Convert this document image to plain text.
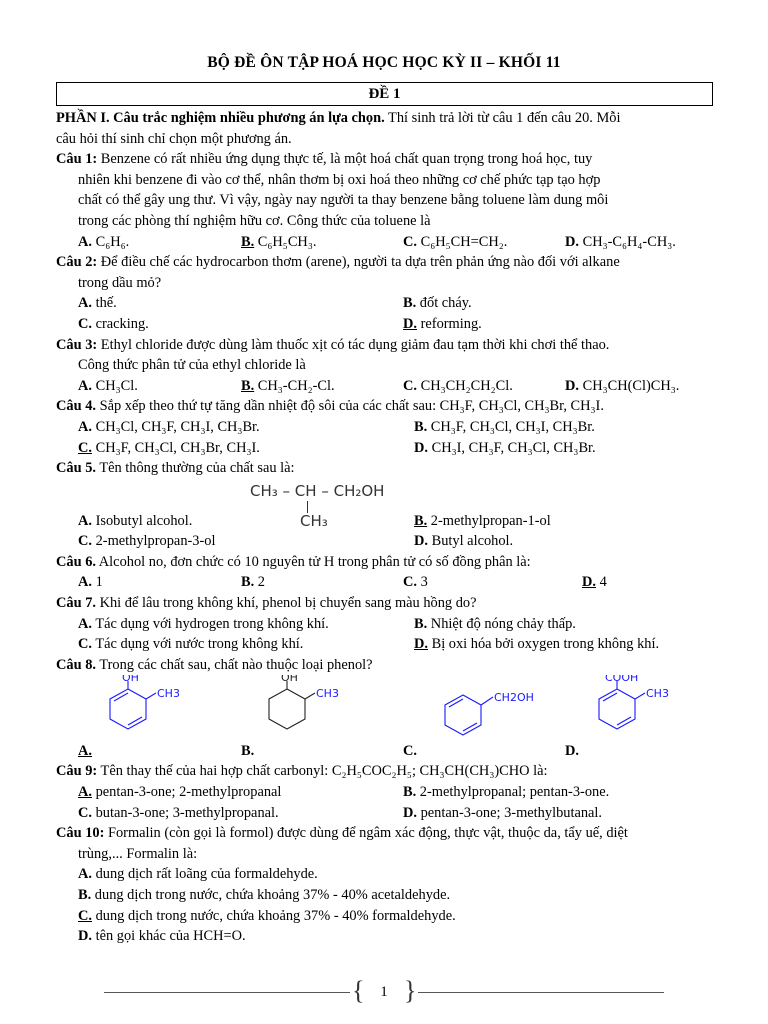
BỘ ĐỀ ÔN TẬP HOÁ HỌC HỌC KỲ II – KHỐI 11
ĐỀ 1

PHẦN I. Câu trắc nghiệm nhiều phương án lựa chọn. Thí sinh trả lời từ câu 1 đến câu 20. Mỗi

câu hỏi thí sinh chỉ chọn một phương án.

Câu 1: Benzene có rất nhiều ứng dụng thực tế, là một hoá chất quan trọng trong hoá học, tuy

nhiên khi benzene đi vào cơ thể, nhân thơm bị oxi hoá theo những cơ chế phức tạp tạo hợp

chất có thể gây ung thư. Vì vậy, ngày nay người ta thay benzene bằng toluene làm dung môi

trong các phòng thí nghiệm hữu cơ. Công thức của toluene là

A. C₆H₆.	B. C₆H₅CH₃.	C. C₆H₅CH=CH₂.	D. CH₃-C₆H₄-CH₃.

Câu 2: Để điều chế các hydrocarbon thơm (arene), người ta dựa trên phản ứng nào đối với alkane

trong dầu mỏ?

A. thế.	B. đốt cháy.
C. cracking.	D. reforming.

Câu 3: Ethyl chloride được dùng làm thuốc xịt có tác dụng giảm đau tạm thời khi chơi thể thao.

Công thức phân tử của ethyl chloride là

A. CH₃Cl.	B. CH₃-CH₂-Cl.	C. CH₃CH₂CH₂Cl.	D. CH₃CH(Cl)CH₃.

Câu 4. Sắp xếp theo thứ tự tăng dần nhiệt độ sôi của các chất sau: CH₃F, CH₃Cl, CH₃Br, CH₃I.

A. CH₃Cl, CH₃F, CH₃I, CH₃Br.	B. CH₃F, CH₃Cl, CH₃I, CH₃Br.
C. CH₃F, CH₃Cl, CH₃Br, CH₃I.	D. CH₃I, CH₃F, CH₃Cl, CH₃Br.

Câu 5. Tên thông thường của chất sau là:

CH₃ – CH – CH₂OH
CH₃
A. Isobutyl alcohol.	B. 2-methylpropan-1-ol
C. 2-methylpropan-3-ol	D. Butyl alcohol.

Câu 6. Alcohol no, đơn chức có 10 nguyên tử H trong phân tử có số đồng phân là:

A. 1	B. 2	C. 3	D. 4

Câu 7. Khi để lâu trong không khí, phenol bị chuyển sang màu hồng do?

A. Tác dụng với hydrogen trong không khí.	B. Nhiệt độ nóng chảy thấp.
C. Tác dụng với nước trong không khí.	D. Bị oxi hóa bởi oxygen trong không khí.

Câu 8. Trong các chất sau, chất nào thuộc loại phenol?

OH
CH3
A.
OH
CH3
B.
CH2OH
C.
COOH
CH3
D.

Câu 9: Tên thay thế của hai hợp chất carbonyl: C₂H₅COC₂H₅; CH₃CH(CH₃)CHO là:

A. pentan-3-one; 2-methylpropanal	B. 2-methylpropanal; pentan-3-one.
C. butan-3-one; 3-methylpropanal.	D. pentan-3-one; 3-methylbutanal.

Câu 10: Formalin (còn gọi là formol) được dùng để ngâm xác động, thực vật, thuộc da, tẩy uế, diệt

trùng,... Formalin là:

A. dung dịch rất loãng của formaldehyde.

B. dung dịch trong nước, chứa khoảng 37% - 40% acetaldehyde.

C. dung dịch trong nước, chứa khoảng 37% - 40% formaldehyde.

D. tên gọi khác của HCH=O.

{	1 }
